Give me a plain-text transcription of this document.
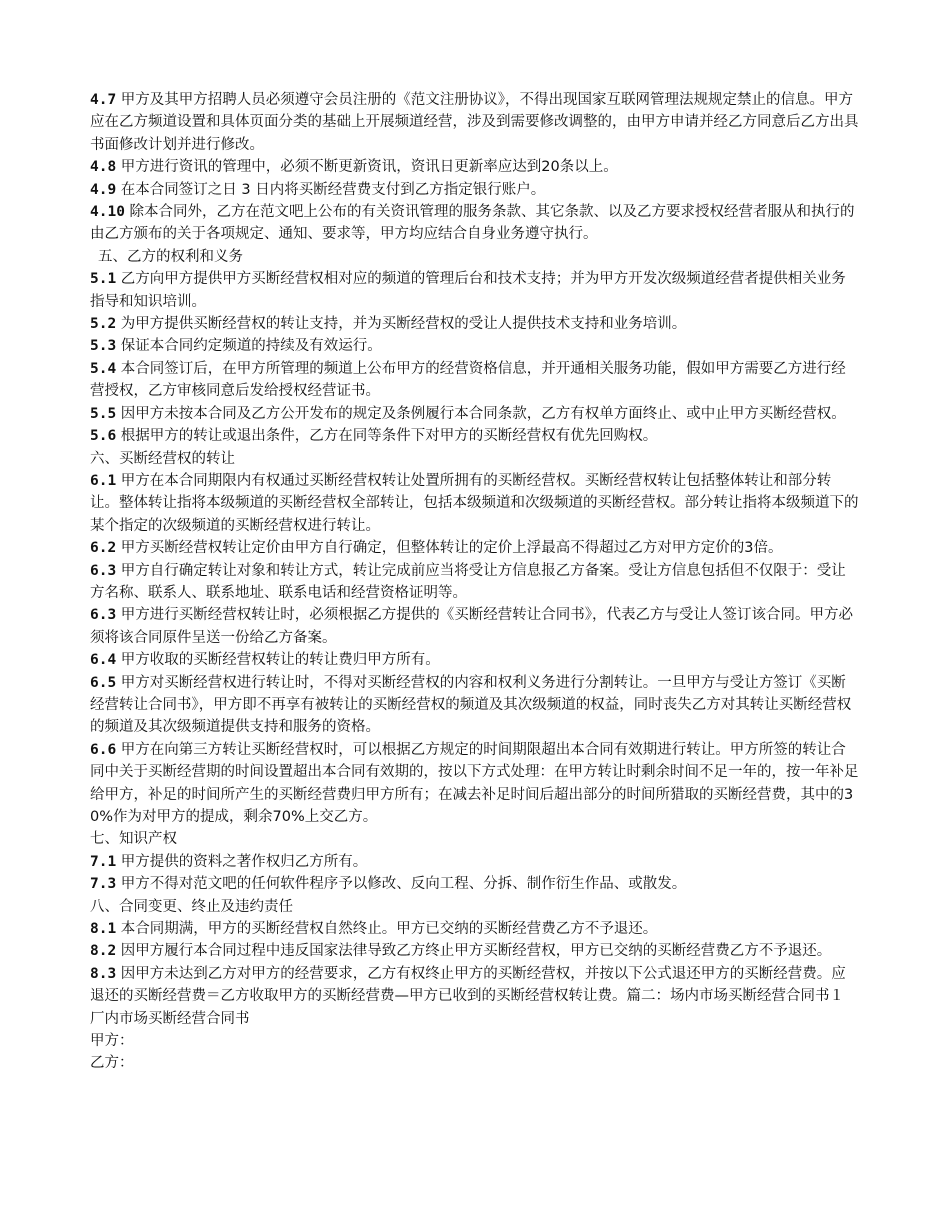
4.7 甲方及其甲方招聘人员必须遵守会员注册的《范文注册协议》，不得出现国家互联网管理法规规定禁止的信息。甲方应在乙方频道设置和具体页面分类的基础上开展频道经营，涉及到需要修改调整的，由甲方申请并经乙方同意后乙方出具书面修改计划并进行修改。

4.8 甲方进行资讯的管理中，必须不断更新资讯，资讯日更新率应达到20条以上。

4.9 在本合同签订之日 3 日内将买断经营费支付到乙方指定银行账户。

4.10 除本合同外，乙方在范文吧上公布的有关资讯管理的服务条款、其它条款、以及乙方要求授权经营者服从和执行的由乙方颁布的关于各项规定、通知、要求等，甲方均应结合自身业务遵守执行。

五、乙方的权利和义务

5.1 乙方向甲方提供甲方买断经营权相对应的频道的管理后台和技术支持；并为甲方开发次级频道经营者提供相关业务指导和知识培训。

5.2 为甲方提供买断经营权的转让支持，并为买断经营权的受让人提供技术支持和业务培训。

5.3 保证本合同约定频道的持续及有效运行。

5.4 本合同签订后，在甲方所管理的频道上公布甲方的经营资格信息，并开通相关服务功能，假如甲方需要乙方进行经营授权，乙方审核同意后发给授权经营证书。

5.5 因甲方未按本合同及乙方公开发布的规定及条例履行本合同条款，乙方有权单方面终止、或中止甲方买断经营权。

5.6 根据甲方的转让或退出条件，乙方在同等条件下对甲方的买断经营权有优先回购权。

六、买断经营权的转让

6.1 甲方在本合同期限内有权通过买断经营权转让处置所拥有的买断经营权。买断经营权转让包括整体转让和部分转让。整体转让指将本级频道的买断经营权全部转让，包括本级频道和次级频道的买断经营权。部分转让指将本级频道下的某个指定的次级频道的买断经营权进行转让。

6.2 甲方买断经营权转让定价由甲方自行确定，但整体转让的定价上浮最高不得超过乙方对甲方定价的3倍。

6.3 甲方自行确定转让对象和转让方式，转让完成前应当将受让方信息报乙方备案。受让方信息包括但不仅限于：受让方名称、联系人、联系地址、联系电话和经营资格证明等。

6.3 甲方进行买断经营权转让时，必须根据乙方提供的《买断经营转让合同书》，代表乙方与受让人签订该合同。甲方必须将该合同原件呈送一份给乙方备案。

6.4 甲方收取的买断经营权转让的转让费归甲方所有。

6.5 甲方对买断经营权进行转让时，不得对买断经营权的内容和权利义务进行分割转让。一旦甲方与受让方签订《买断经营转让合同书》，甲方即不再享有被转让的买断经营权的频道及其次级频道的权益，同时丧失乙方对其转让买断经营权的频道及其次级频道提供支持和服务的资格。

6.6 甲方在向第三方转让买断经营权时，可以根据乙方规定的时间期限超出本合同有效期进行转让。甲方所签的转让合同中关于买断经营期的时间设置超出本合同有效期的，按以下方式处理：在甲方转让时剩余时间不足一年的，按一年补足给甲方，补足的时间所产生的买断经营费归甲方所有；在减去补足时间后超出部分的时间所猎取的买断经营费，其中的30%作为对甲方的提成，剩余70%上交乙方。

七、知识产权

7.1 甲方提供的资料之著作权归乙方所有。

7.3 甲方不得对范文吧的任何软件程序予以修改、反向工程、分拆、制作衍生作品、或散发。

八、合同变更、终止及违约责任

8.1 本合同期满，甲方的买断经营权自然终止。甲方已交纳的买断经营费乙方不予退还。

8.2 因甲方履行本合同过程中违反国家法律导致乙方终止甲方买断经营权，甲方已交纳的买断经营费乙方不予退还。

8.3 因甲方未达到乙方对甲方的经营要求，乙方有权终止甲方的买断经营权，并按以下公式退还甲方的买断经营费。应退还的买断经营费＝乙方收取甲方的买断经营费—甲方已收到的买断经营权转让费。篇二：场内市场买断经营合同书１

厂内市场买断经营合同书

甲方：

乙方：
